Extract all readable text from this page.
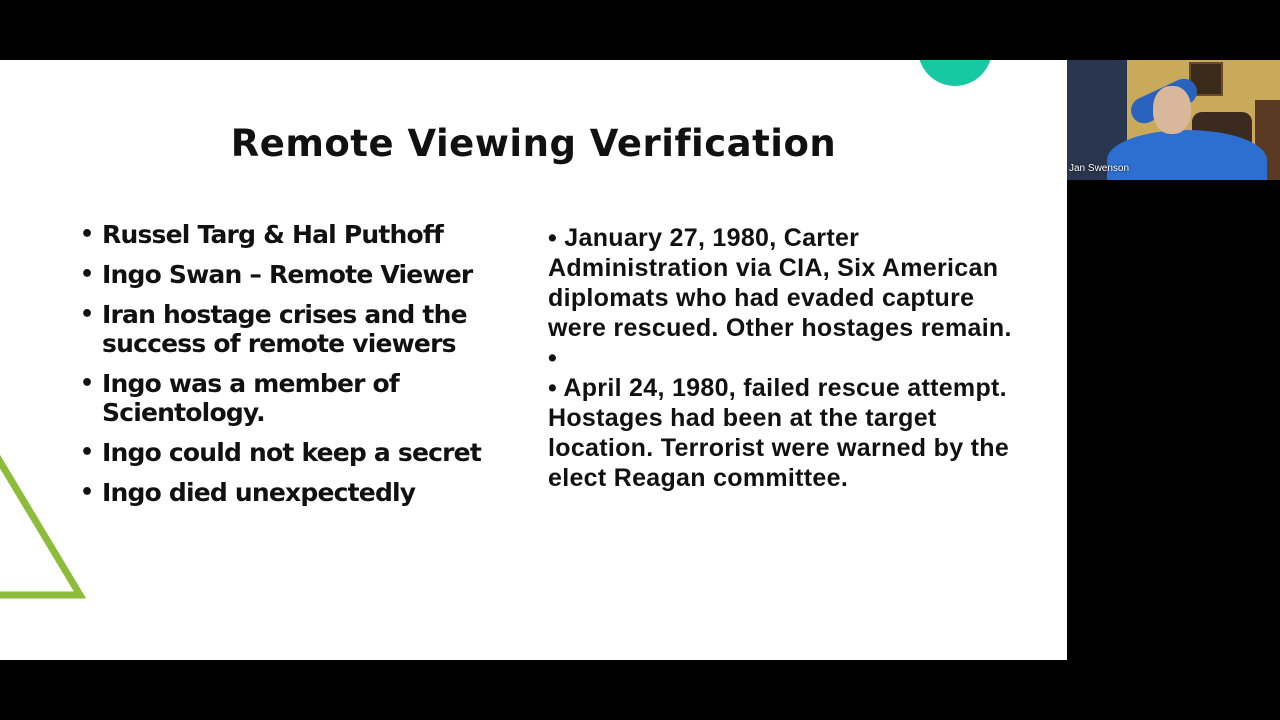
Remote Viewing Verification
• Russel Targ & Hal Puthoff
• Ingo Swan – Remote Viewer
• Iran hostage crises and the success of remote viewers
• Ingo was a member of Scientology.
• Ingo could not keep a secret
• Ingo died unexpectedly

• January 27, 1980, Carter Administration via CIA, Six American diplomats who had evaded capture were rescued. Other hostages remain.

•

• April 24, 1980, failed rescue attempt. Hostages had been at the target location. Terrorist were warned by the elect Reagan committee.

Jan Swenson
